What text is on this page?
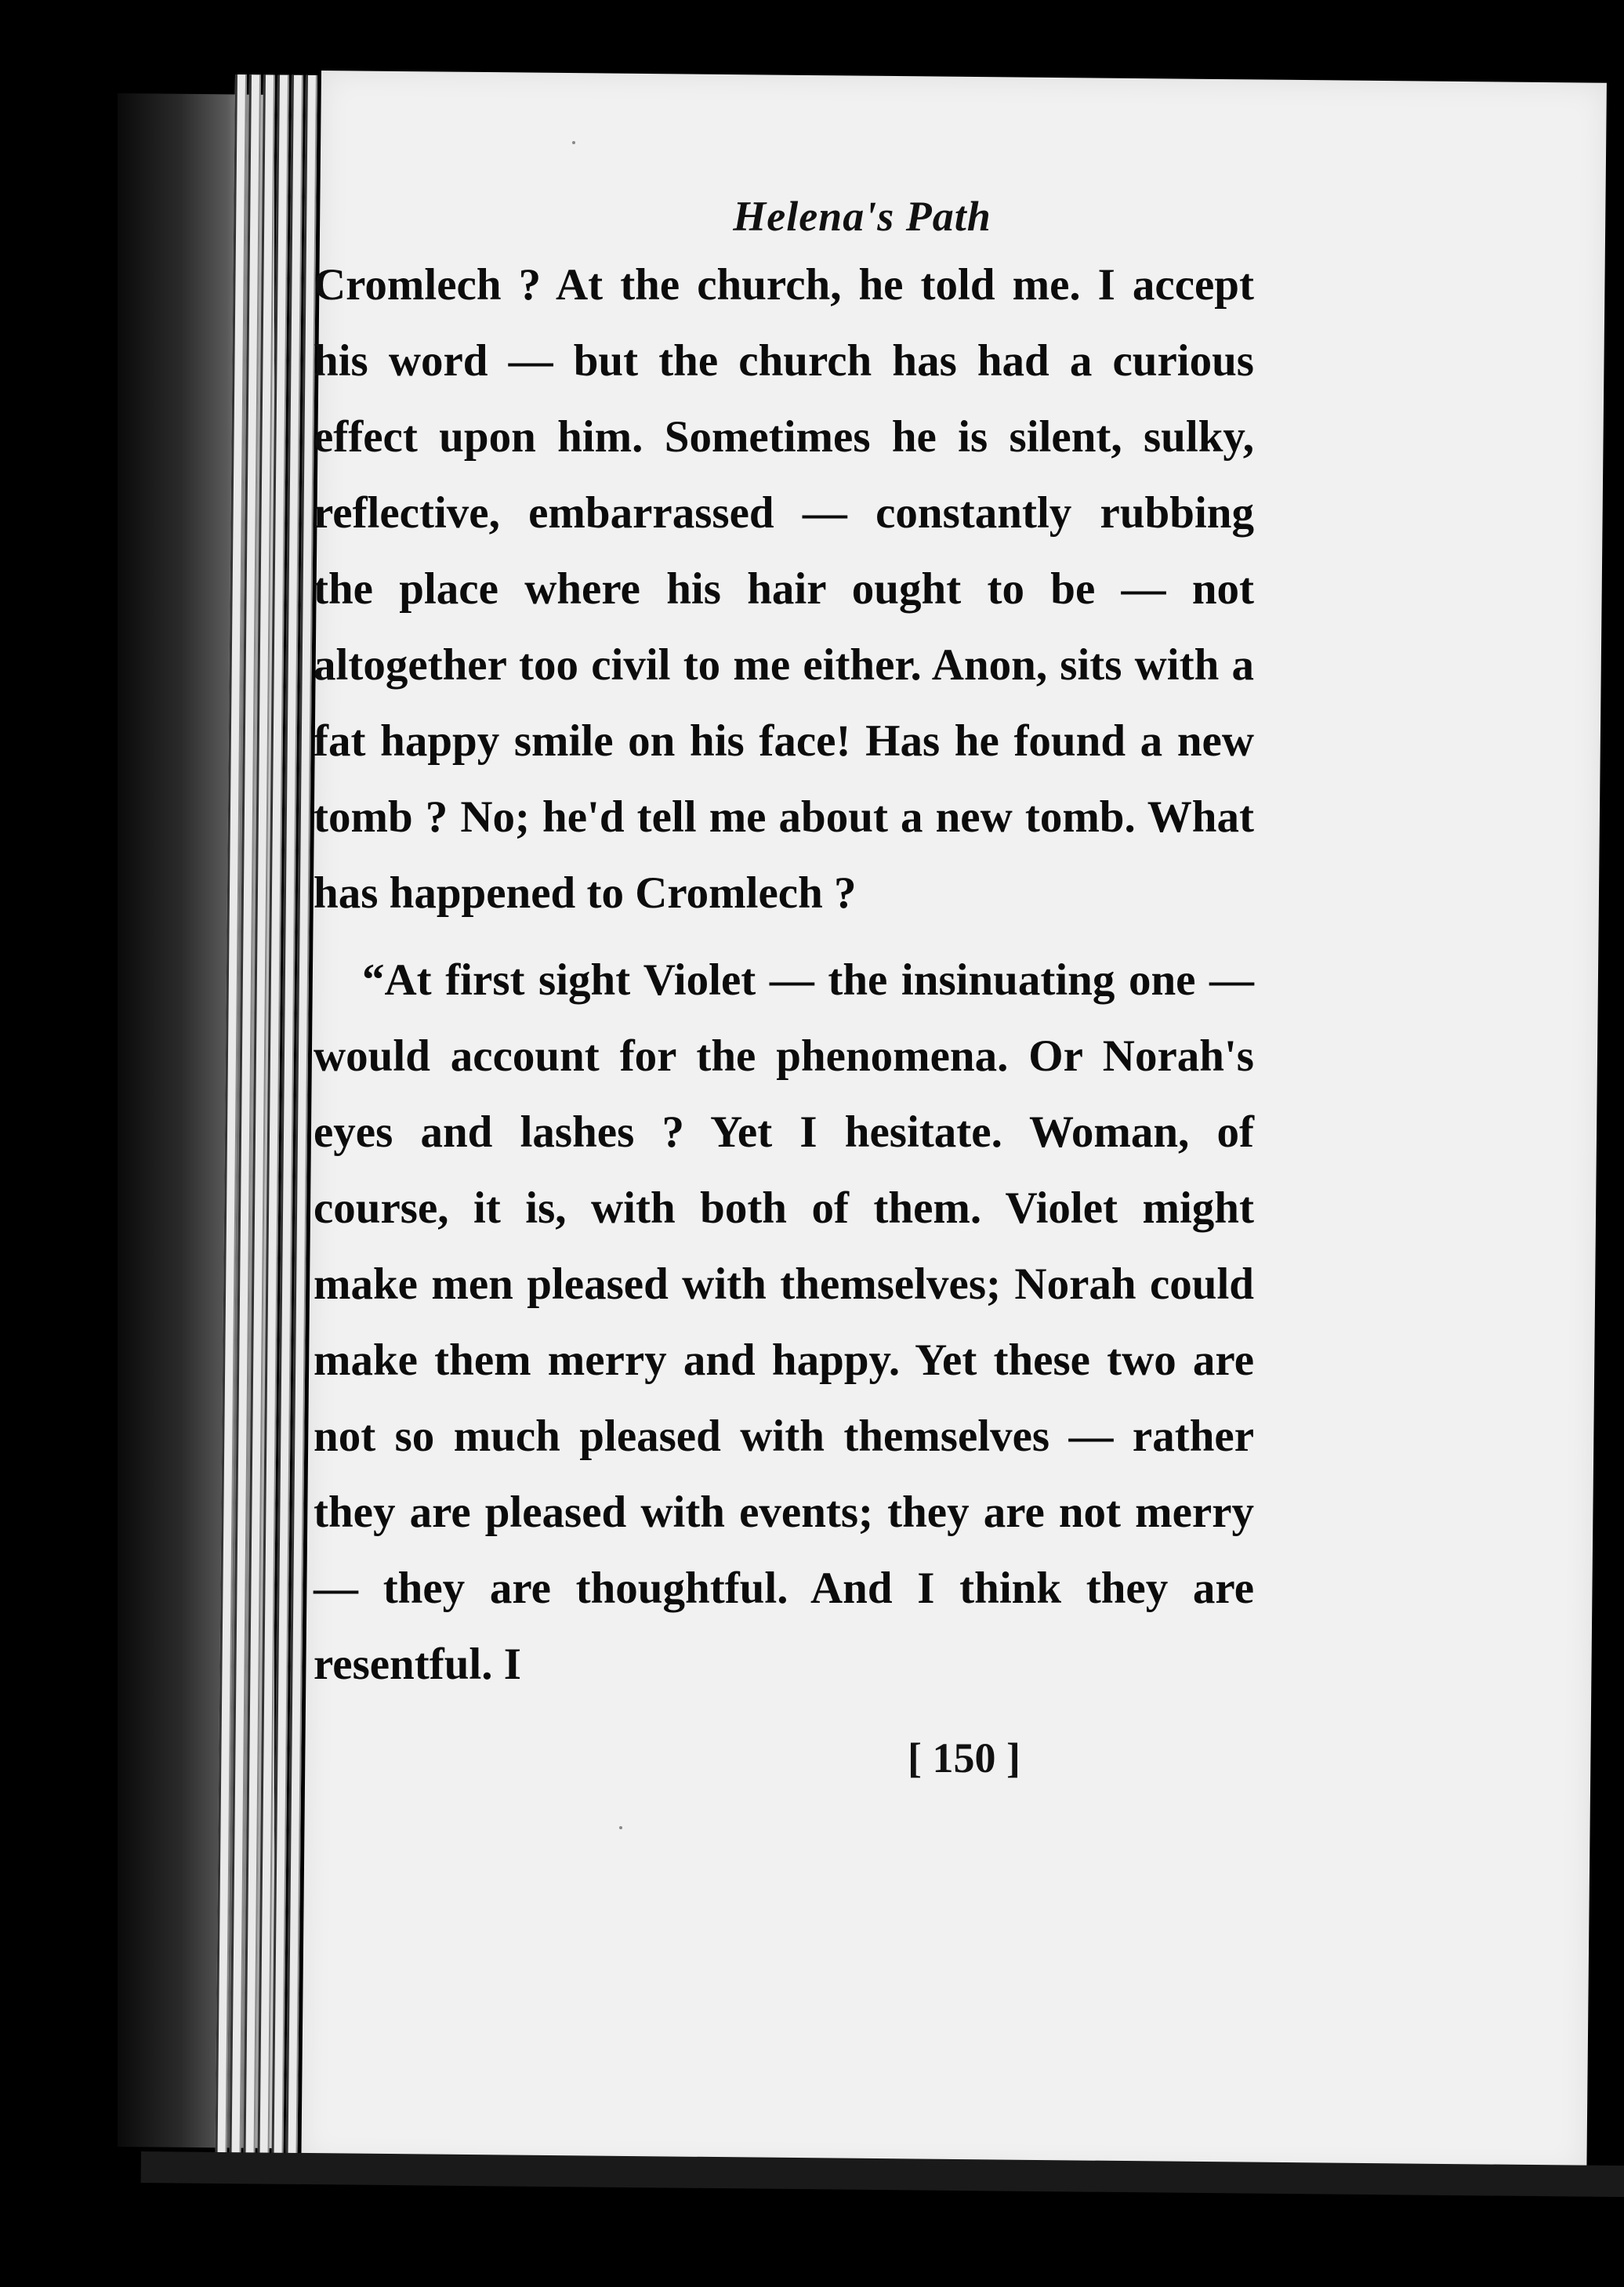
Helena's Path

Cromlech ? At the church, he told me. I accept his word — but the church has had a curious effect upon him. Sometimes he is silent, sulky, reflective, embarrassed — constantly rubbing the place where his hair ought to be — not altogether too civil to me either. Anon, sits with a fat happy smile on his face! Has he found a new tomb ? No; he'd tell me about a new tomb. What has happened to Cromlech ?

“At first sight Violet — the insinuating one — would account for the phenomena. Or Norah's eyes and lashes ? Yet I hesitate. Woman, of course, it is, with both of them. Violet might make men pleased with themselves; Norah could make them merry and happy. Yet these two are not so much pleased with themselves — rather they are pleased with events; they are not merry — they are thoughtful. And I think they are resentful. I

[ 150 ]
